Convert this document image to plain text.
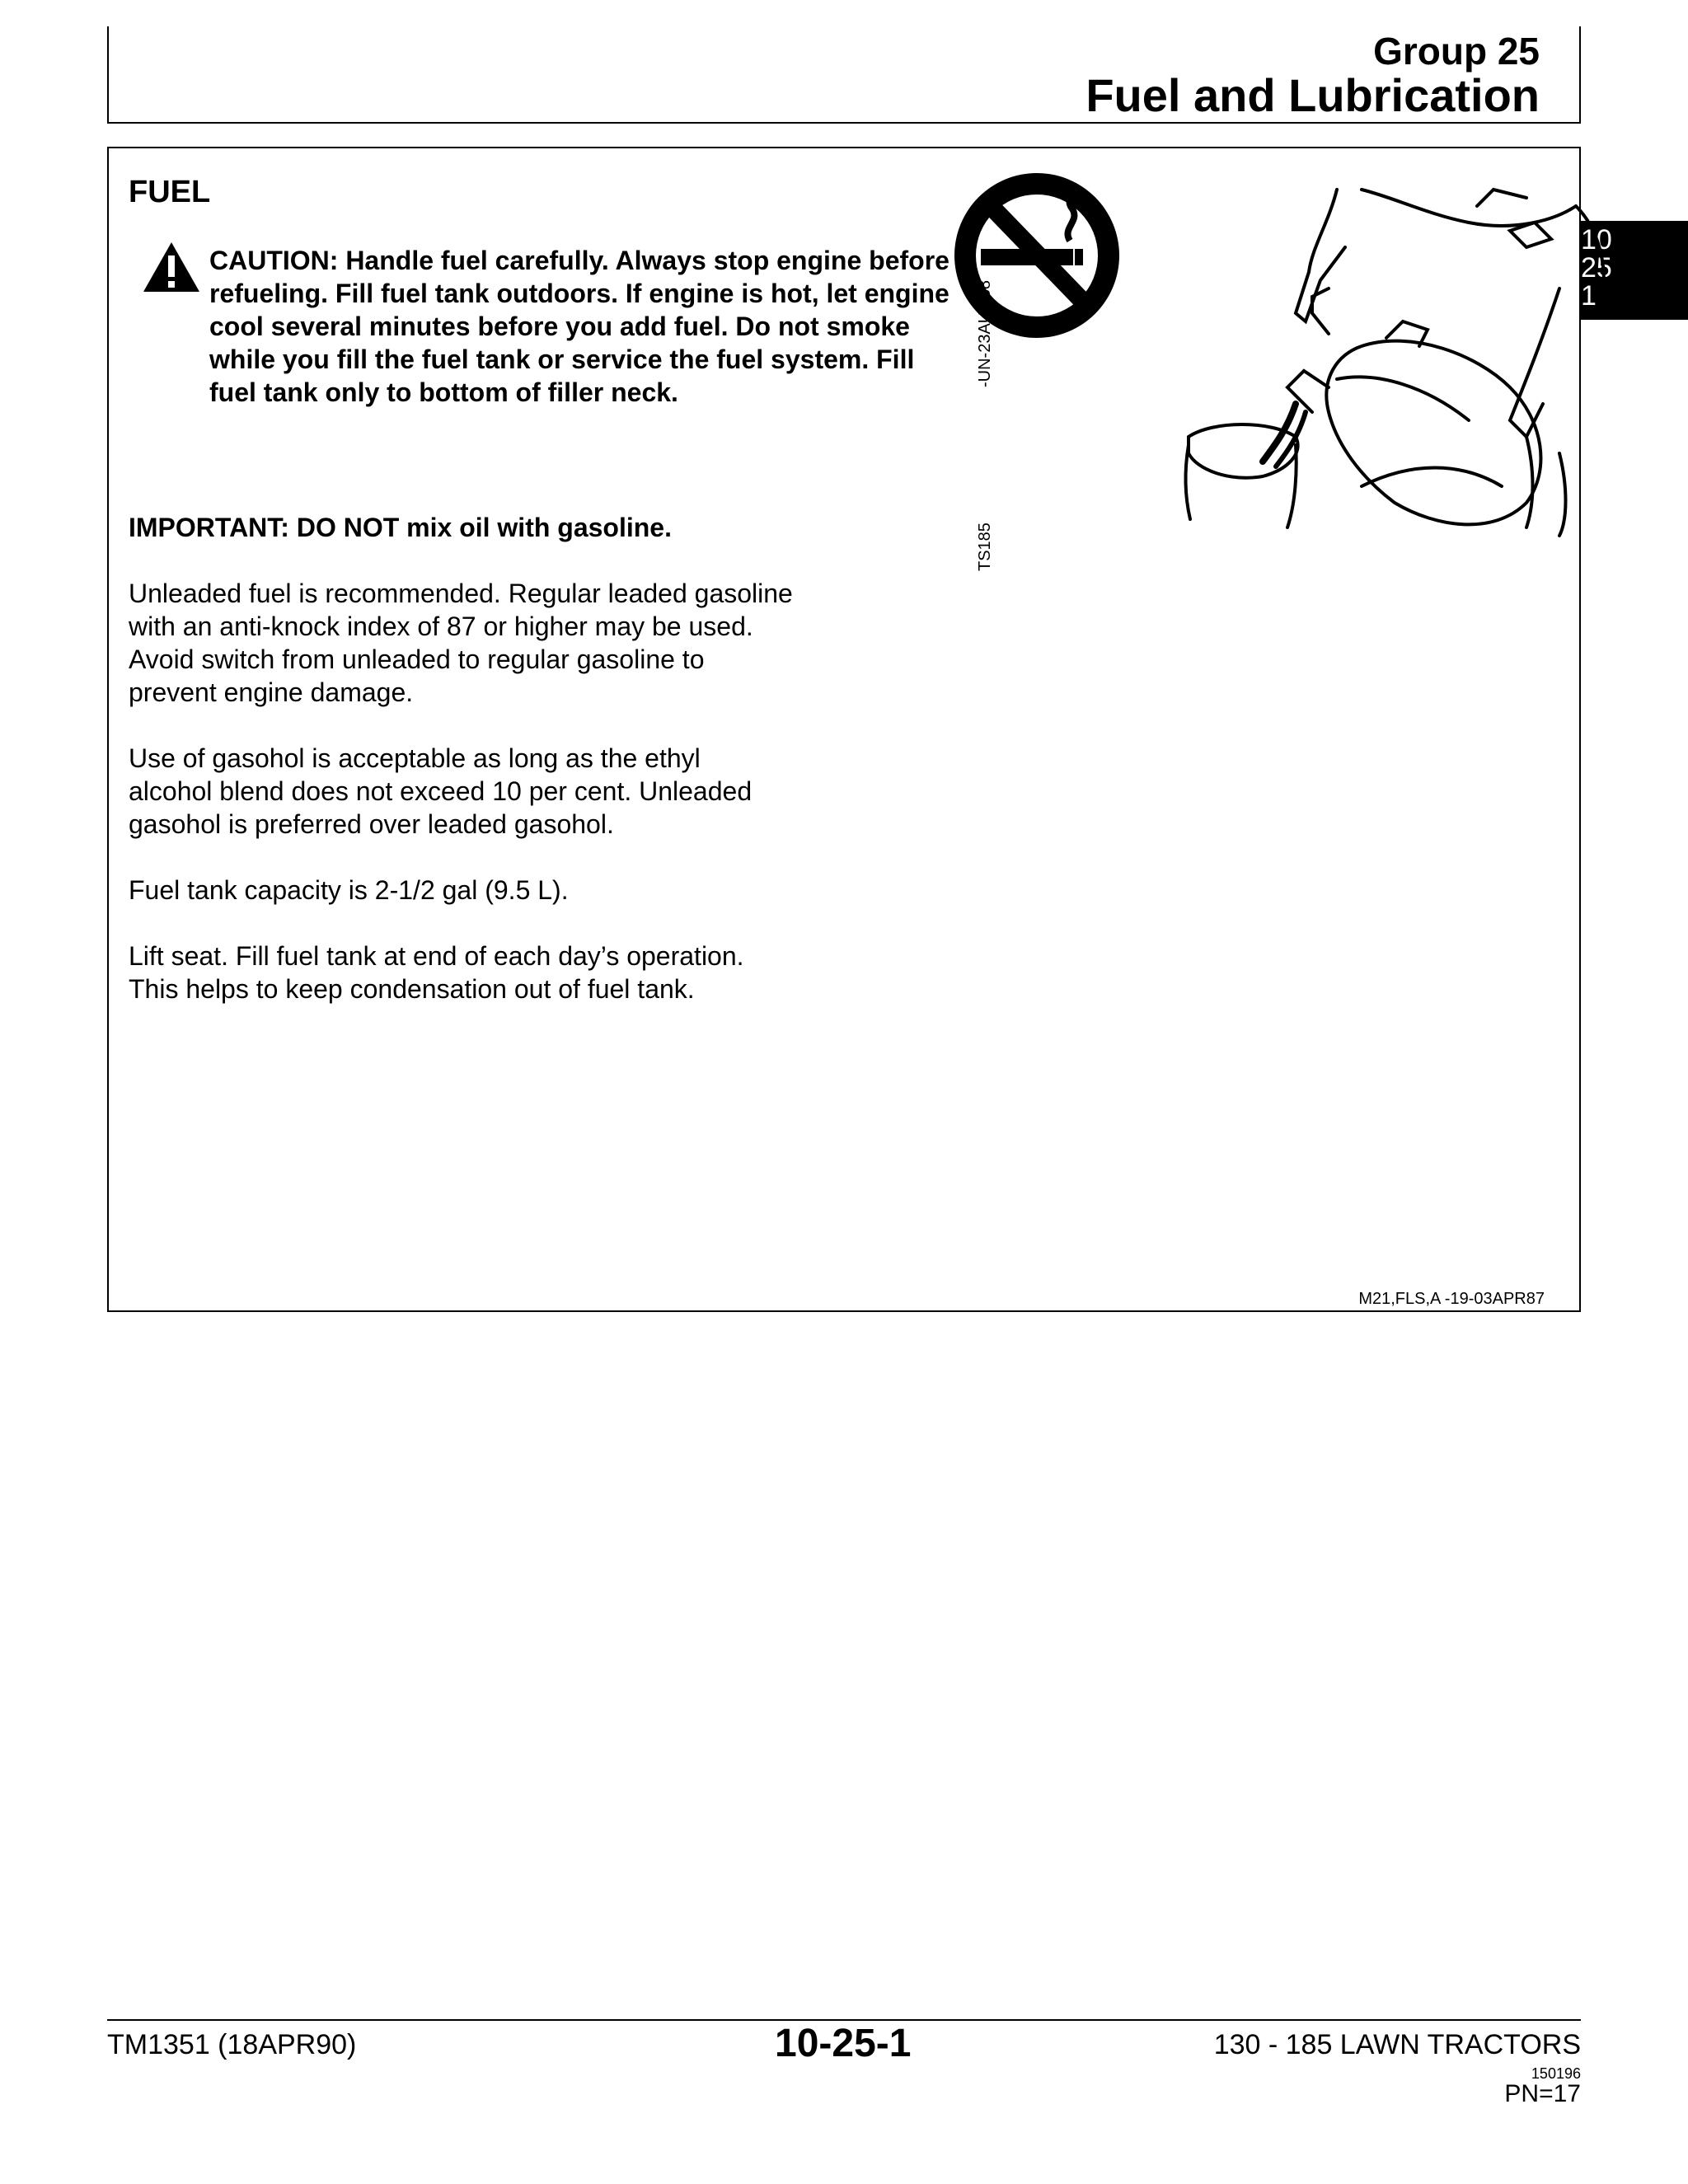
Group 25
Fuel and Lubrication
10
25
1
FUEL
CAUTION: Handle fuel carefully. Always stop engine before refueling. Fill fuel tank outdoors. If engine is hot, let engine cool several minutes before you add fuel. Do not smoke while you fill the fuel tank or service the fuel system. Fill fuel tank only to bottom of filler neck.
IMPORTANT: DO NOT mix oil with gasoline.
Unleaded fuel is recommended. Regular leaded gasoline
with an anti-knock index of 87 or higher may be used.
Avoid switch from unleaded to regular gasoline to
prevent engine damage.
Use of gasohol is acceptable as long as the ethyl
alcohol blend does not exceed 10 per cent. Unleaded
gasohol is preferred over leaded gasohol.
Fuel tank capacity is 2-1/2 gal (9.5 L).
Lift seat. Fill fuel tank at end of each day’s operation.
This helps to keep condensation out of fuel tank.
-UN-23AUG88
TS185
M21,FLS,A -19-03APR87
TM1351 (18APR90)	10-25-1	130 - 185 LAWN TRACTORS
150196
PN=17
